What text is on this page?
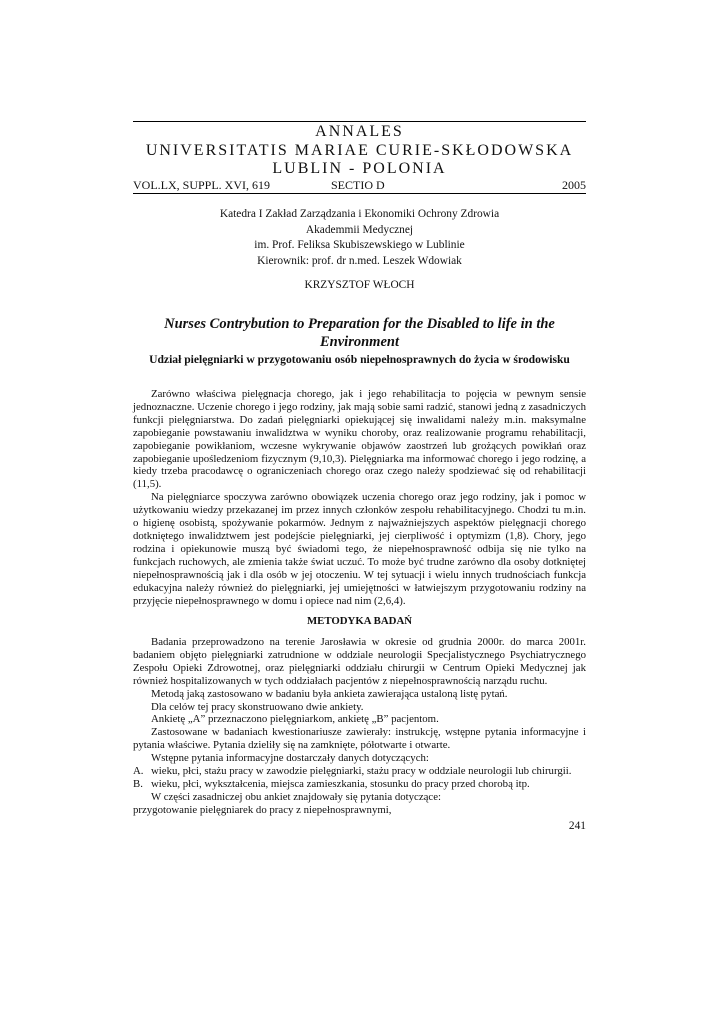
ANNALES
UNIVERSITATIS MARIAE CURIE-SKŁODOWSKA
LUBLIN - POLONIA
VOL.LX, SUPPL. XVI, 619	SECTIO D	2005
Katedra I Zakład Zarządzania i Ekonomiki Ochrony Zdrowia
Akademmii Medycznej
im. Prof. Feliksa Skubiszewskiego w Lublinie
Kierownik: prof. dr n.med. Leszek Wdowiak
KRZYSZTOF WŁOCH
Nurses Contrybution to Preparation for the Disabled to life in the Environment
Udział pielęgniarki w przygotowaniu osób niepełnosprawnych do życia w środowisku

Zarówno właściwa pielęgnacja chorego, jak i jego rehabilitacja to pojęcia w pewnym sensie jednoznaczne. Uczenie chorego i jego rodziny, jak mają sobie sami radzić, stanowi jedną z zasadniczych funkcji pielęgniarstwa. Do zadań pielęgniarki opiekującej się inwalidami należy m.in. maksymalne zapobieganie powstawaniu inwalidztwa w wyniku choroby, oraz realizowanie programu rehabilitacji, zapobieganie powikłaniom, wczesne wykrywanie objawów zaostrzeń lub grożących powikłań oraz zapobieganie upośledzeniom fizycznym (9,10,3). Pielęgniarka ma informować chorego i jego rodzinę, a kiedy trzeba pracodawcę o ograniczeniach chorego oraz czego należy spodziewać się od rehabilitacji (11,5).

Na pielęgniarce spoczywa zarówno obowiązek uczenia chorego oraz jego rodziny, jak i pomoc w użytkowaniu wiedzy przekazanej im przez innych członków zespołu rehabilitacyjnego. Chodzi tu m.in. o higienę osobistą, spożywanie pokarmów. Jednym z najważniejszych aspektów pielęgnacji chorego dotkniętego inwalidztwem jest podejście pielęgniarki, jej cierpliwość i optymizm (1,8). Chory, jego rodzina i opiekunowie muszą być świadomi tego, że niepełnosprawność odbija się nie tylko na funkcjach ruchowych, ale zmienia także świat uczuć. To może być trudne zarówno dla osoby dotkniętej niepełnosprawnością jak i dla osób w jej otoczeniu. W tej sytuacji i wielu innych trudnościach funkcja edukacyjna należy również do pielęgniarki, jej umiejętności w łatwiejszym przygotowaniu rodziny na przyjęcie niepełnosprawnego w domu i opiece nad nim (2,6,4).

METODYKA BADAŃ

Badania przeprowadzono na terenie Jarosławia w okresie od grudnia 2000r. do marca 2001r. badaniem objęto pielęgniarki zatrudnione w oddziale neurologii Specjalistycznego Psychiatrycznego Zespołu Opieki Zdrowotnej, oraz pielęgniarki oddziału chirurgii w Centrum Opieki Medycznej jak również hospitalizowanych w tych oddziałach pacjentów z niepełnosprawnością narządu ruchu.

Metodą jaką zastosowano w badaniu była ankieta zawierająca ustaloną listę pytań.

Dla celów tej pracy skonstruowano dwie ankiety.

Ankietę „A” przeznaczono pielęgniarkom, ankietę „B” pacjentom.

Zastosowane w badaniach kwestionariusze zawierały: instrukcję, wstępne pytania informacyjne i pytania właściwe. Pytania dzieliły się na zamknięte, półotwarte i otwarte.

Wstępne pytania informacyjne dostarczały danych dotyczących:

A. wieku, płci, stażu pracy w zawodzie pielęgniarki, stażu pracy w oddziale neurologii lub chirurgii.
B. wieku, płci, wykształcenia, miejsca zamieszkania, stosunku do pracy przed chorobą itp.

W części zasadniczej obu ankiet znajdowały się pytania dotyczące:

przygotowanie pielęgniarek do pracy z niepełnosprawnymi,

241
